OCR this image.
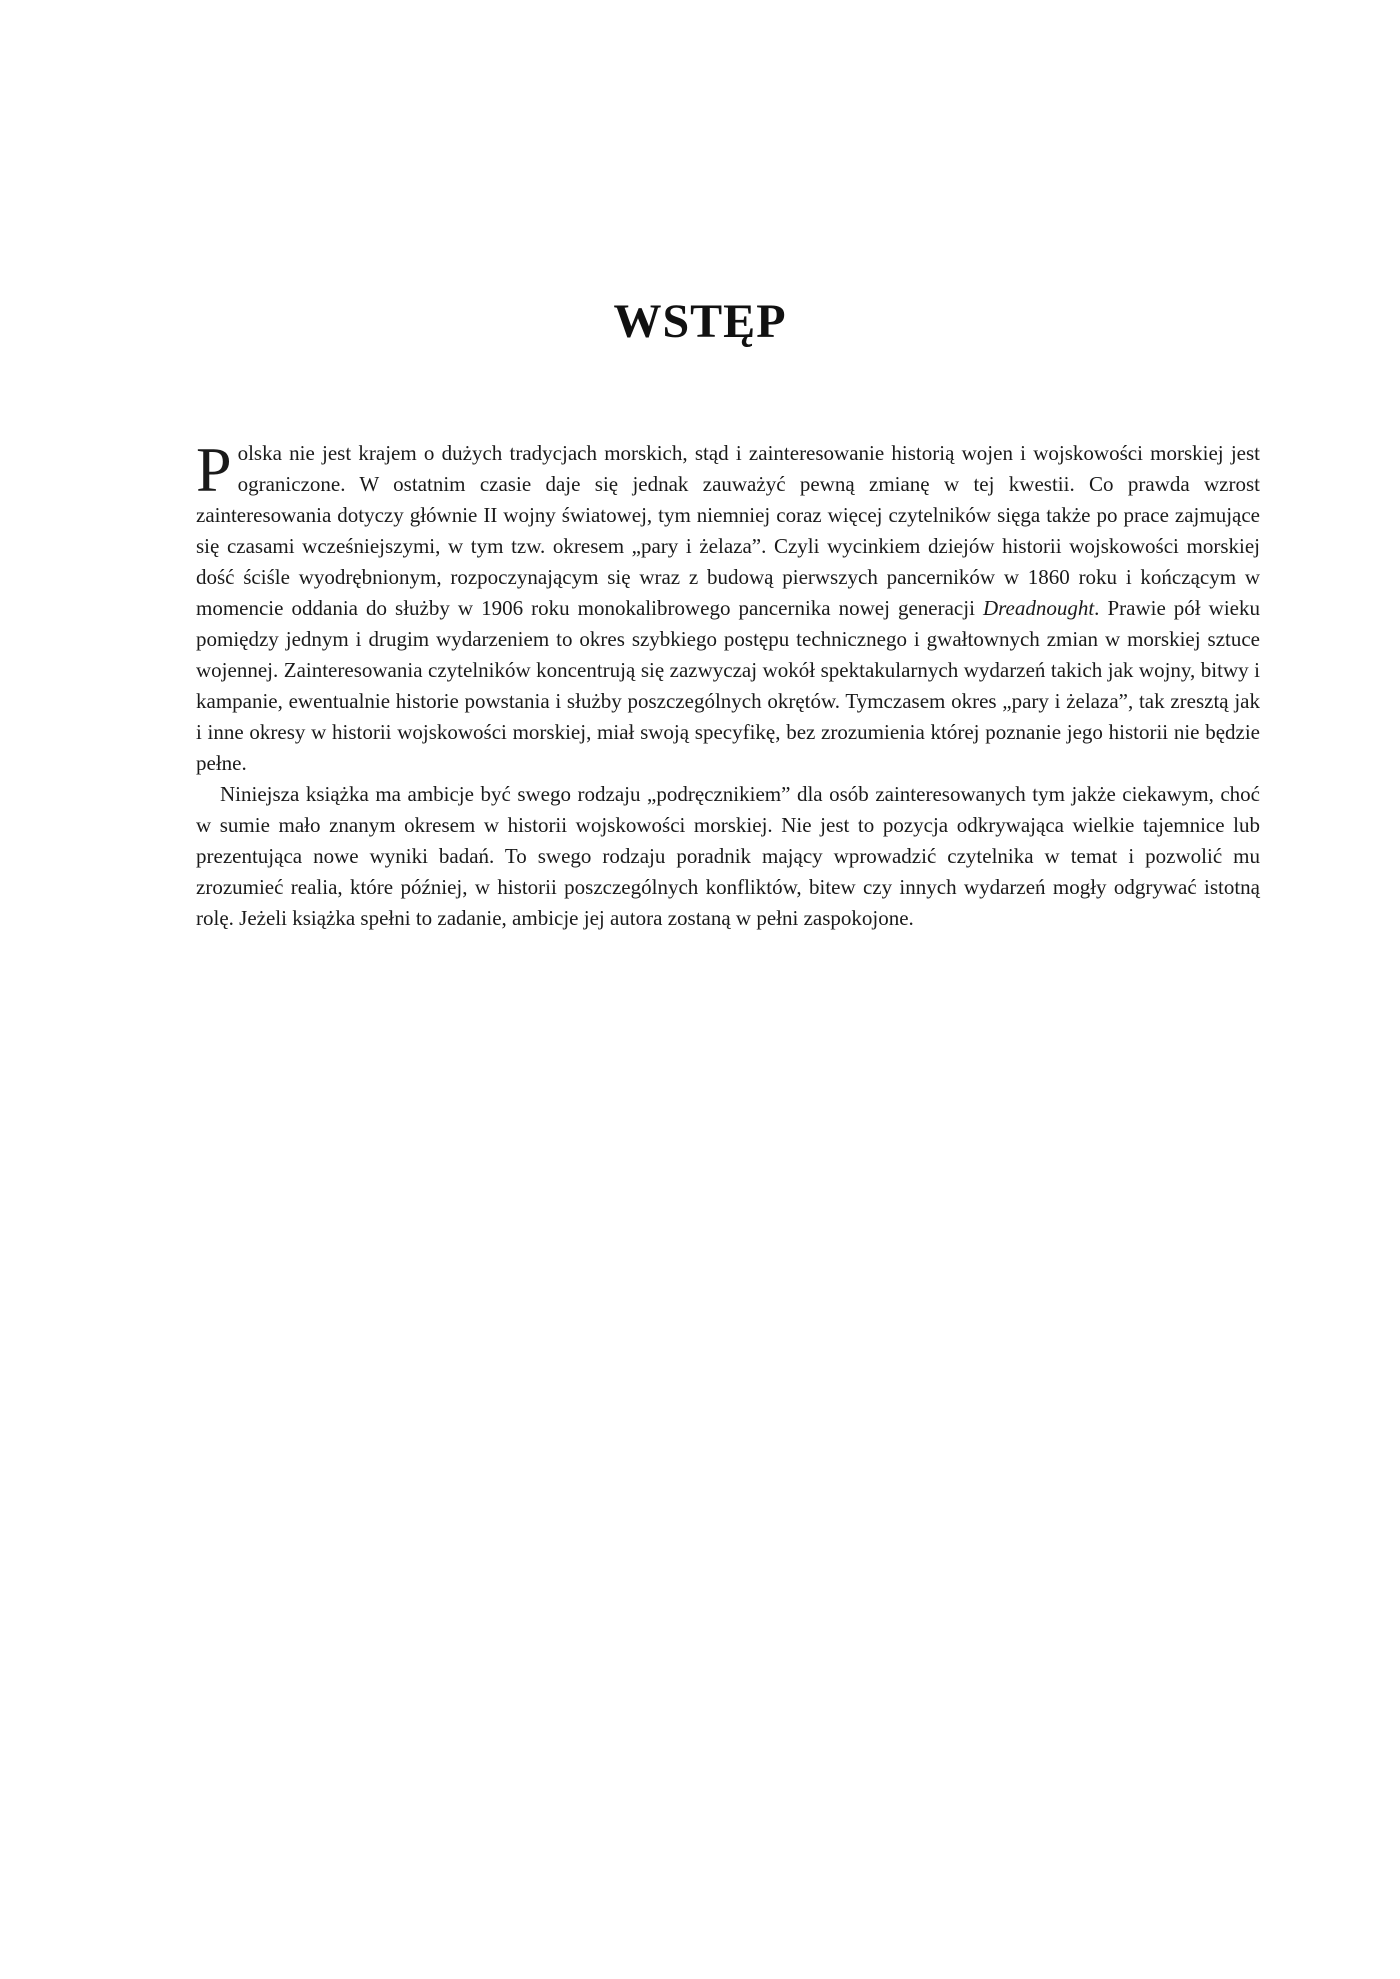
WSTĘP

Polska nie jest krajem o dużych tradycjach morskich, stąd i zainteresowanie historią wojen i wojskowości morskiej jest ograniczone. W ostatnim czasie daje się jednak zauważyć pewną zmianę w tej kwestii. Co prawda wzrost zainteresowania dotyczy głównie II wojny światowej, tym niemniej coraz więcej czytelników sięga także po prace zajmujące się czasami wcześniejszymi, w tym tzw. okresem „pary i żelaza”. Czyli wycinkiem dziejów historii wojskowości morskiej dość ściśle wyodrębnionym, rozpoczynającym się wraz z budową pierwszych pancerników w 1860 roku i kończącym w momencie oddania do służby w 1906 roku monokalibrowego pancernika nowej generacji Dreadnought. Prawie pół wieku pomiędzy jednym i drugim wydarzeniem to okres szybkiego postępu technicznego i gwałtownych zmian w morskiej sztuce wojennej. Zainteresowania czytelników koncentrują się zazwyczaj wokół spektakularnych wydarzeń takich jak wojny, bitwy i kampanie, ewentualnie historie powstania i służby poszczególnych okrętów. Tymczasem okres „pary i żelaza”, tak zresztą jak i inne okresy w historii wojskowości morskiej, miał swoją specyfikę, bez zrozumienia której poznanie jego historii nie będzie pełne.

Niniejsza książka ma ambicje być swego rodzaju „podręcznikiem” dla osób zainteresowanych tym jakże ciekawym, choć w sumie mało znanym okresem w historii wojskowości morskiej. Nie jest to pozycja odkrywająca wielkie tajemnice lub prezentująca nowe wyniki badań. To swego rodzaju poradnik mający wprowadzić czytelnika w temat i pozwolić mu zrozumieć realia, które później, w historii poszczególnych konfliktów, bitew czy innych wydarzeń mogły odgrywać istotną rolę. Jeżeli książka spełni to zadanie, ambicje jej autora zostaną w pełni zaspokojone.
